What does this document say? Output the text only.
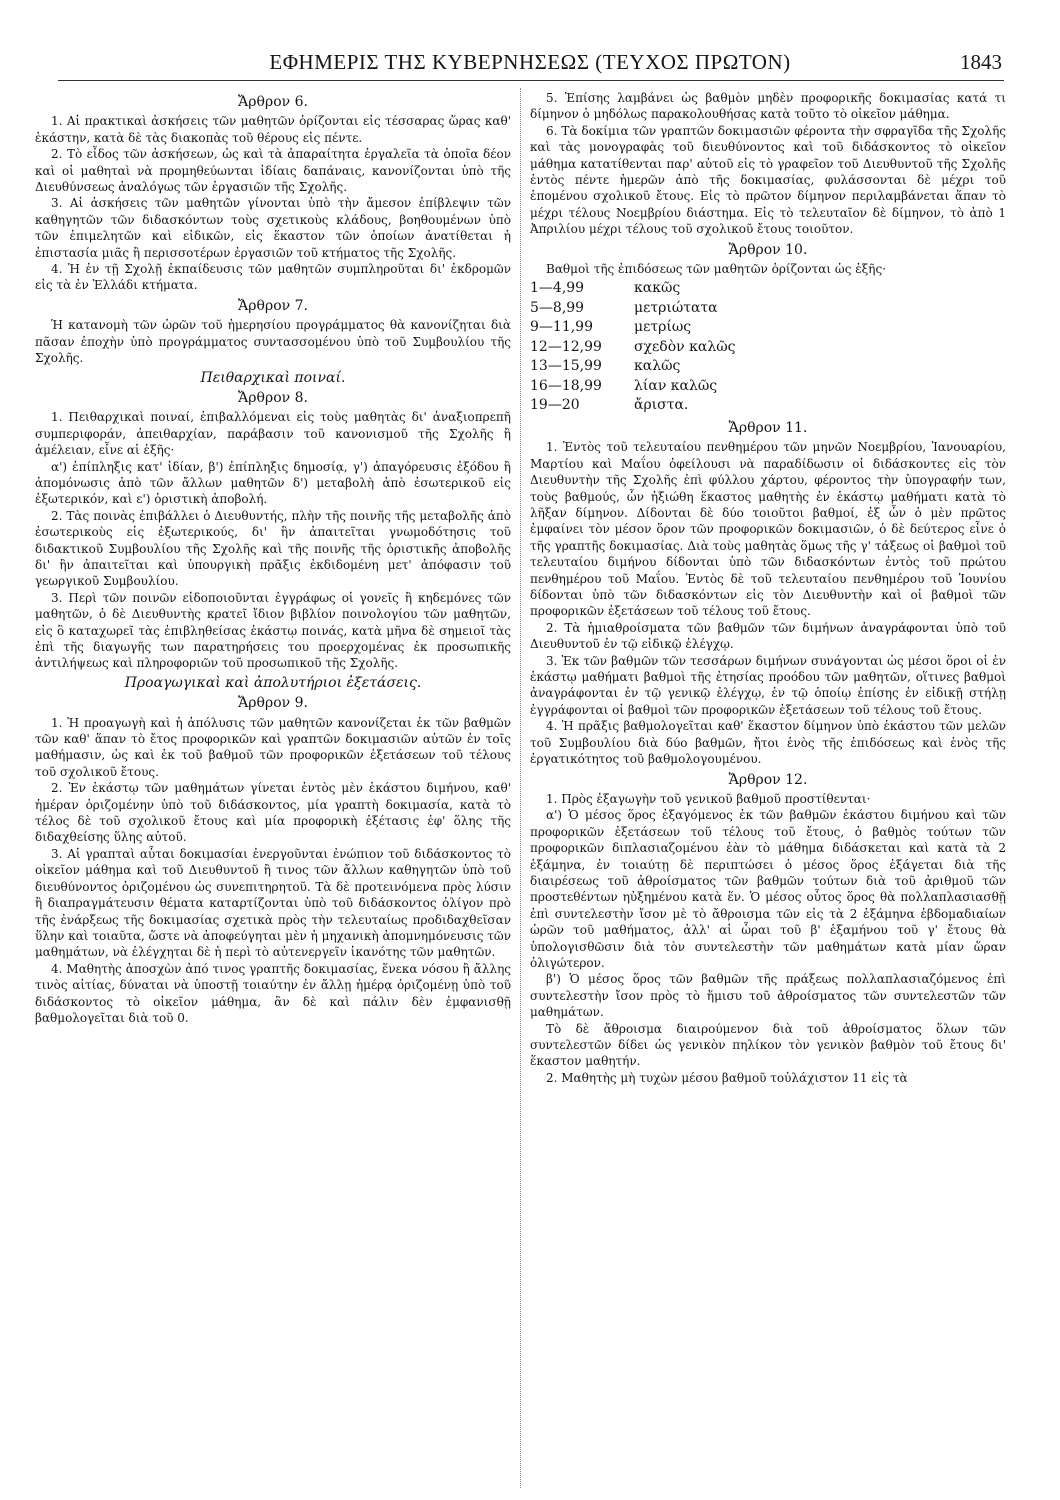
ΕΦΗΜΕΡΙΣ ΤΗΣ ΚΥΒΕΡΝΗΣΕΩΣ (ΤΕΥΧΟΣ ΠΡΩΤΟΝ)	1843
Ἄρθρον 6.

1. Αἱ πρακτικαὶ ἀσκήσεις τῶν μαθητῶν ὁρίζονται εἰς τέσσαρας ὥρας καθ' ἑκάστην, κατὰ δὲ τὰς διακοπὰς τοῦ θέρους εἰς πέντε.

2. Τὸ εἶδος τῶν ἀσκήσεων, ὡς καὶ τὰ ἀπαραίτητα ἐργαλεῖα τὰ ὁποῖα δέον καὶ οἱ μαθηταὶ νὰ προμηθεύωνται ἰδίαις δαπάναις, κανονίζονται ὑπὸ τῆς Διευθύνσεως ἀναλόγως τῶν ἐργασιῶν τῆς Σχολῆς.

3. Αἱ ἀσκήσεις τῶν μαθητῶν γίνονται ὑπὸ τὴν ἄμεσον ἐπίβλεψιν τῶν καθηγητῶν τῶν διδασκόντων τοὺς σχετικοὺς κλάδους, βοηθουμένων ὑπὸ τῶν ἐπιμελητῶν καὶ εἰδικῶν, εἰς ἕκαστον τῶν ὁποίων ἀνατίθεται ἡ ἐπιστασία μιᾶς ἢ περισσοτέρων ἐργασιῶν τοῦ κτήματος τῆς Σχολῆς.

4. Ἡ ἐν τῇ Σχολῇ ἐκπαίδευσις τῶν μαθητῶν συμπληροῦται δι' ἐκδρομῶν εἰς τὰ ἐν Ἑλλάδι κτήματα.

Ἄρθρον 7.

Ἡ κατανομὴ τῶν ὡρῶν τοῦ ἡμερησίου προγράμματος θὰ κανονίζηται διὰ πᾶσαν ἐποχὴν ὑπὸ προγράμματος συντασσομένου ὑπὸ τοῦ Συμβουλίου τῆς Σχολῆς.

Πειθαρχικαὶ ποιναί.
Ἄρθρον 8.

1. Πειθαρχικαὶ ποιναί, ἐπιβαλλόμεναι εἰς τοὺς μαθητὰς δι' ἀναξιοπρεπῆ συμπεριφοράν, ἀπειθαρχίαν, παράβασιν τοῦ κανονισμοῦ τῆς Σχολῆς ἢ ἀμέλειαν, εἶνε αἱ ἑξῆς·

α') ἐπίπληξις κατ' ἰδίαν, β') ἐπίπληξις δημοσίᾳ, γ') ἀπαγόρευσις ἐξόδου ἢ ἀπομόνωσις ἀπὸ τῶν ἄλλων μαθητῶν δ') μεταβολὴ ἀπὸ ἐσωτερικοῦ εἰς ἐξωτερικόν, καὶ ε') ὁριστικὴ ἀποβολή.

2. Τὰς ποινὰς ἐπιβάλλει ὁ Διευθυντής, πλὴν τῆς ποινῆς τῆς μεταβολῆς ἀπὸ ἐσωτερικοὺς εἰς ἐξωτερικούς, δι' ἣν ἀπαιτεῖται γνωμοδότησις τοῦ διδακτικοῦ Συμβουλίου τῆς Σχολῆς καὶ τῆς ποινῆς τῆς ὁριστικῆς ἀποβολῆς δι' ἣν ἀπαιτεῖται καὶ ὑπουργικὴ πρᾶξις ἐκδιδομένη μετ' ἀπόφασιν τοῦ γεωργικοῦ Συμβουλίου.

3. Περὶ τῶν ποινῶν εἰδοποιοῦνται ἐγγράφως οἱ γονεῖς ἢ κηδεμόνες τῶν μαθητῶν, ὁ δὲ Διευθυντὴς κρατεῖ ἴδιον βιβλίον ποινολογίου τῶν μαθητῶν, εἰς ὃ καταχωρεῖ τὰς ἐπιβληθείσας ἑκάστῳ ποινάς, κατὰ μῆνα δὲ σημειοῖ τὰς ἐπὶ τῆς διαγωγῆς των παρατηρήσεις του προερχομένας ἐκ προσωπικῆς ἀντιλήψεως καὶ πληροφοριῶν τοῦ προσωπικοῦ τῆς Σχολῆς.

Προαγωγικαὶ καὶ ἀπολυτήριοι ἐξετάσεις.
Ἄρθρον 9.

1. Ἡ προαγωγὴ καὶ ἡ ἀπόλυσις τῶν μαθητῶν κανονίζεται ἐκ τῶν βαθμῶν τῶν καθ' ἅπαν τὸ ἔτος προφορικῶν καὶ γραπτῶν δοκιμασιῶν αὐτῶν ἐν τοῖς μαθήμασιν, ὡς καὶ ἐκ τοῦ βαθμοῦ τῶν προφορικῶν ἐξετάσεων τοῦ τέλους τοῦ σχολικοῦ ἔτους.

2. Ἐν ἑκάστῳ τῶν μαθημάτων γίνεται ἐντὸς μὲν ἑκάστου διμήνου, καθ' ἡμέραν ὁριζομένην ὑπὸ τοῦ διδάσκοντος, μία γραπτὴ δοκιμασία, κατὰ τὸ τέλος δὲ τοῦ σχολικοῦ ἔτους καὶ μία προφορικὴ ἐξέτασις ἐφ' ὅλης τῆς διδαχθείσης ὕλης αὐτοῦ.

3. Αἱ γραπταὶ αὗται δοκιμασίαι ἐνεργοῦνται ἐνώπιον τοῦ διδάσκοντος τὸ οἰκεῖον μάθημα καὶ τοῦ Διευθυντοῦ ἢ τινος τῶν ἄλλων καθηγητῶν ὑπὸ τοῦ διευθύνοντος ὁριζομένου ὡς συνεπιτηρητοῦ. Τὰ δὲ προτεινόμενα πρὸς λύσιν ἢ διαπραγμάτευσιν θέματα καταρτίζονται ὑπὸ τοῦ διδάσκοντος ὀλίγον πρὸ τῆς ἐνάρξεως τῆς δοκιμασίας σχετικὰ πρὸς τὴν τελευταίως προδιδαχθεῖσαν ὕλην καὶ τοιαῦτα, ὥστε νὰ ἀποφεύγηται μὲν ἡ μηχανικὴ ἀπομνημόνευσις τῶν μαθημάτων, νὰ ἐλέγχηται δὲ ἡ περὶ τὸ αὐτενεργεῖν ἱκανότης τῶν μαθητῶν.

4. Μαθητὴς ἀποσχὼν ἀπό τινος γραπτῆς δοκιμασίας, ἕνεκα νόσου ἢ ἄλλης τινὸς αἰτίας, δύναται νὰ ὑποστῇ τοιαύτην ἐν ἄλλῃ ἡμέρᾳ ὁριζομένῃ ὑπὸ τοῦ διδάσκοντος τὸ οἰκεῖον μάθημα, ἂν δὲ καὶ πάλιν δὲν ἐμφανισθῇ βαθμολογεῖται διὰ τοῦ 0.

5. Ἐπίσης λαμβάνει ὡς βαθμὸν μηδὲν προφορικῆς δοκιμασίας κατά τι δίμηνον ὁ μηδόλως παρακολουθήσας κατὰ τοῦτο τὸ οἰκεῖον μάθημα.

6. Τὰ δοκίμια τῶν γραπτῶν δοκιμασιῶν φέροντα τὴν σφραγῖδα τῆς Σχολῆς καὶ τὰς μονογραφὰς τοῦ διευθύνοντος καὶ τοῦ διδάσκοντος τὸ οἰκεῖον μάθημα κατατίθενται παρ' αὐτοῦ εἰς τὸ γραφεῖον τοῦ Διευθυντοῦ τῆς Σχολῆς ἐντὸς πέντε ἡμερῶν ἀπὸ τῆς δοκιμασίας, φυλάσσονται δὲ μέχρι τοῦ ἑπομένου σχολικοῦ ἔτους. Εἰς τὸ πρῶτον δίμηνον περιλαμβάνεται ἅπαν τὸ μέχρι τέλους Νοεμβρίου διάστημα. Εἰς τὸ τελευταῖον δὲ δίμηνον, τὸ ἀπὸ 1 Ἀπριλίου μέχρι τέλους τοῦ σχολικοῦ ἔτους τοιοῦτον.

Ἄρθρον 10.

Βαθμοὶ τῆς ἐπιδόσεως τῶν μαθητῶν ὁρίζονται ὡς ἑξῆς·

1—4,99	κακῶς
5—8,99	μετριώτατα
9—11,99	μετρίως
12—12,99 σχεδὸν καλῶς
13—15,99 καλῶς
16—18,99 λίαν καλῶς
19—20	ἄριστα.
Ἄρθρον 11.

1. Ἐντὸς τοῦ τελευταίου πενθημέρου τῶν μηνῶν Νοεμβρίου, Ἰανουαρίου, Μαρτίου καὶ Μαΐου ὀφείλουσι νὰ παραδίδωσιν οἱ διδάσκοντες εἰς τὸν Διευθυντὴν τῆς Σχολῆς ἐπὶ φύλλου χάρτου, φέροντος τὴν ὑπογραφήν των, τοὺς βαθμούς, ὧν ἠξιώθη ἕκαστος μαθητὴς ἐν ἑκάστῳ μαθήματι κατὰ τὸ λῆξαν δίμηνον. Δίδονται δὲ δύο τοιοῦτοι βαθμοί, ἐξ ὧν ὁ μὲν πρῶτος ἐμφαίνει τὸν μέσον ὅρον τῶν προφορικῶν δοκιμασιῶν, ὁ δὲ δεύτερος εἶνε ὁ τῆς γραπτῆς δοκιμασίας. Διὰ τοὺς μαθητὰς ὅμως τῆς γ' τάξεως οἱ βαθμοὶ τοῦ τελευταίου διμήνου δίδονται ὑπὸ τῶν διδασκόντων ἐντὸς τοῦ πρώτου πενθημέρου τοῦ Μαΐου. Ἐντὸς δὲ τοῦ τελευταίου πενθημέρου τοῦ Ἰουνίου δίδονται ὑπὸ τῶν διδασκόντων εἰς τὸν Διευθυντὴν καὶ οἱ βαθμοὶ τῶν προφορικῶν ἐξετάσεων τοῦ τέλους τοῦ ἔτους.

2. Τὰ ἡμιαθροίσματα τῶν βαθμῶν τῶν διμήνων ἀναγράφονται ὑπὸ τοῦ Διευθυντοῦ ἐν τῷ εἰδικῷ ἐλέγχῳ.

3. Ἐκ τῶν βαθμῶν τῶν τεσσάρων διμήνων συνάγονται ὡς μέσοι ὅροι οἱ ἐν ἑκάστῳ μαθήματι βαθμοὶ τῆς ἐτησίας προόδου τῶν μαθητῶν, οἵτινες βαθμοὶ ἀναγράφονται ἐν τῷ γενικῷ ἐλέγχῳ, ἐν τῷ ὁποίῳ ἐπίσης ἐν εἰδικῇ στήλῃ ἐγγράφονται οἱ βαθμοὶ τῶν προφορικῶν ἐξετάσεων τοῦ τέλους τοῦ ἔτους.

4. Ἡ πρᾶξις βαθμολογεῖται καθ' ἕκαστον δίμηνον ὑπὸ ἑκάστου τῶν μελῶν τοῦ Συμβουλίου διὰ δύο βαθμῶν, ἤτοι ἑνὸς τῆς ἐπιδόσεως καὶ ἑνὸς τῆς ἐργατικότητος τοῦ βαθμολογουμένου.

Ἄρθρον 12.

1. Πρὸς ἐξαγωγὴν τοῦ γενικοῦ βαθμοῦ προστίθενται·

α') Ὁ μέσος ὅρος ἐξαγόμενος ἐκ τῶν βαθμῶν ἑκάστου διμήνου καὶ τῶν προφορικῶν ἐξετάσεων τοῦ τέλους τοῦ ἔτους, ὁ βαθμὸς τούτων τῶν προφορικῶν διπλασιαζομένου ἐὰν τὸ μάθημα διδάσκεται καὶ κατὰ τὰ 2 ἑξάμηνα, ἐν τοιαύτῃ δὲ περιπτώσει ὁ μέσος ὅρος ἐξάγεται διὰ τῆς διαιρέσεως τοῦ ἀθροίσματος τῶν βαθμῶν τούτων διὰ τοῦ ἀριθμοῦ τῶν προστεθέντων ηὐξημένου κατὰ ἕν. Ὁ μέσος οὗτος ὅρος θὰ πολλαπλασιασθῇ ἐπὶ συντελεστὴν ἴσον μὲ τὸ ἄθροισμα τῶν εἰς τὰ 2 ἑξάμηνα ἑβδομαδιαίων ὡρῶν τοῦ μαθήματος, ἀλλ' αἱ ὧραι τοῦ β' ἑξαμήνου τοῦ γ' ἔτους θὰ ὑπολογισθῶσιν διὰ τὸν συντελεστὴν τῶν μαθημάτων κατὰ μίαν ὥραν ὀλιγώτερον.

β') Ὁ μέσος ὅρος τῶν βαθμῶν τῆς πράξεως πολλαπλασιαζόμενος ἐπὶ συντελεστὴν ἴσον πρὸς τὸ ἥμισυ τοῦ ἀθροίσματος τῶν συντελεστῶν τῶν μαθημάτων.

Τὸ δὲ ἄθροισμα διαιρούμενον διὰ τοῦ ἀθροίσματος ὅλων τῶν συντελεστῶν δίδει ὡς γενικὸν πηλίκον τὸν γενικὸν βαθμὸν τοῦ ἔτους δι' ἕκαστον μαθητήν.

2. Μαθητὴς μὴ τυχὼν μέσου βαθμοῦ τοὐλάχιστον 11 εἰς τὰ
